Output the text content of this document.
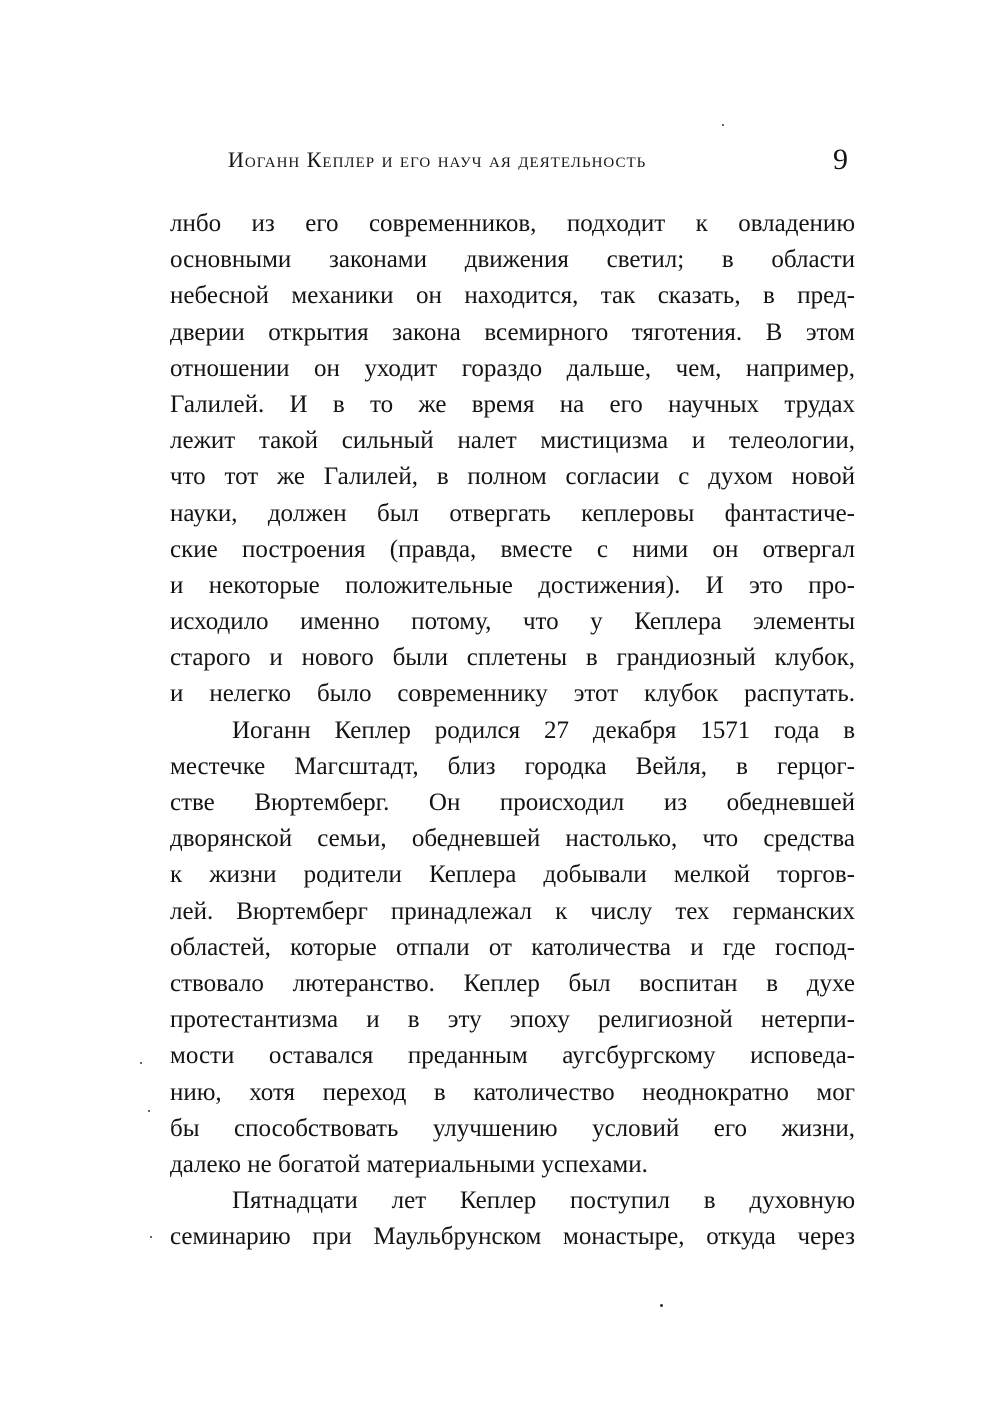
Иоганн Кеплер и его науч ая деятельность	9
лнбо из его современников, подходит к овладению
основными законами движения светил; в области
небесной механики он находится, так сказать, в пред-
дверии открытия закона всемирного тяготения. В этом
отношении он уходит гораздо дальше, чем, например,
Галилей. И в то же время на его научных трудах
лежит такой сильный налет мистицизма и телеологии,
что тот же Галилей, в полном согласии с духом новой
науки, должен был отвергать кеплеровы фантастиче-
ские построения (правда, вместе с ними он отвергал
и некоторые положительные достижения). И это про-
исходило именно потому, что у Кеплера элементы
старого и нового были сплетены в грандиозный клубок,
и нелегко было современнику этот клубок распутать.
Иоганн Кеплер родился 27 декабря 1571 года в
местечке Магсштадт, близ городка Вейля, в герцог-
стве Вюртемберг. Он происходил из обедневшей
дворянской семьи, обедневшей настолько, что средства
к жизни родители Кеплера добывали мелкой торгов-
лей. Вюртемберг принадлежал к числу тех германских
областей, которые отпали от католичества и где господ-
ствовало лютеранство. Кеплер был воспитан в духе
протестантизма и в эту эпоху религиозной нетерпи-
мости оставался преданным аугсбургскому исповеда-
нию, хотя переход в католичество неоднократно мог
бы способствовать улучшению условий его жизни,
далеко не богатой материальными успехами.
Пятнадцати лет Кеплер поступил в духовную
семинарию при Маульбрунском монастыре, откуда через
